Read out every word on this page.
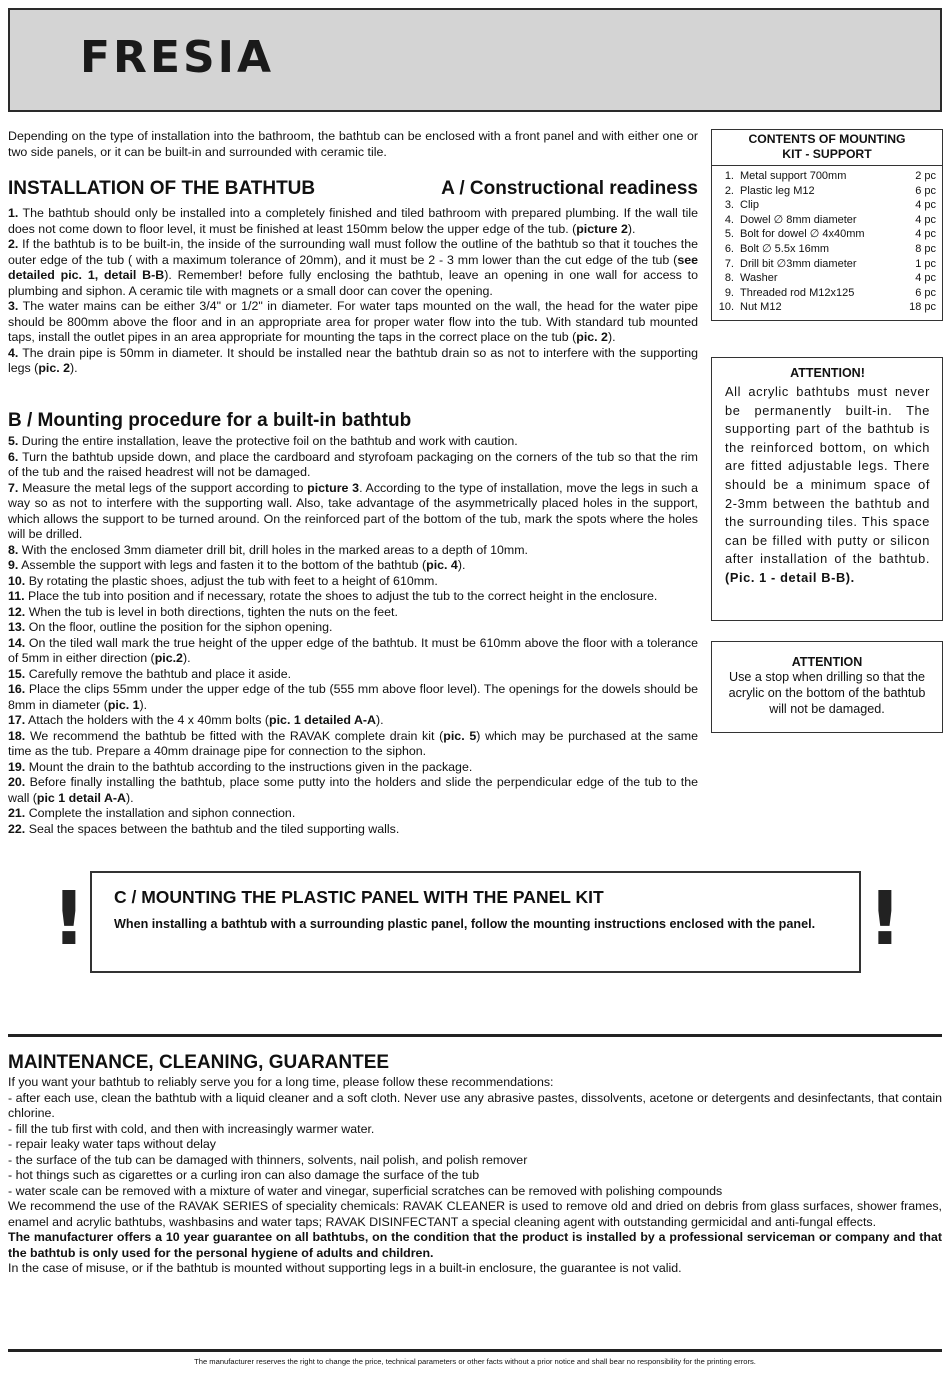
FRESIA
Depending on the type of installation into the bathroom, the bathtub can be enclosed with a front panel and with either one or two side panels, or it can be built-in and surrounded with ceramic tile.
INSTALLATION OF THE BATHTUB	A / Constructional readiness

1. The bathtub should only be installed into a completely finished and tiled bathroom with prepared plumbing. If the wall tile does not come down to floor level, it must be finished at least 150mm below the upper edge of the tub. (picture 2).

2. If the bathtub is to be built-in, the inside of the surrounding wall must follow the outline of the bathtub so that it touches the outer edge of the tub ( with a maximum tolerance of 20mm), and it must be 2 - 3 mm lower than the cut edge of the tub (see detailed pic. 1, detail B-B). Remember! before fully enclosing the bathtub, leave an opening in one wall for access to plumbing and siphon. A ceramic tile with magnets or a small door can cover the opening.

3. The water mains can be either 3/4" or 1/2" in diameter. For water taps mounted on the wall, the head for the water pipe should be 800mm above the floor and in an appropriate area for proper water flow into the tub. With standard tub mounted taps, install the outlet pipes in an area appropriate for mounting the taps in the correct place on the tub (pic. 2).

4. The drain pipe is 50mm in diameter. It should be installed near the bathtub drain so as not to interfere with the supporting legs (pic. 2).

B / Mounting procedure for a built-in bathtub

5. During the entire installation, leave the protective foil on the bathtub and work with caution.

6. Turn the bathtub upside down, and place the cardboard and styrofoam packaging on the corners of the tub so that the rim of the tub and the raised headrest will not be damaged.

7. Measure the metal legs of the support according to picture 3. According to the type of installation, move the legs in such a way so as not to interfere with the supporting wall. Also, take advantage of the asymmetrically placed holes in the support, which allows the support to be turned around. On the reinforced part of the bottom of the tub, mark the spots where the holes will be drilled.

8. With the enclosed 3mm diameter drill bit, drill holes in the marked areas to a depth of 10mm.

9. Assemble the support with legs and fasten it to the bottom of the bathtub (pic. 4).

10. By rotating the plastic shoes, adjust the tub with feet to a height of 610mm.

11. Place the tub into position and if necessary, rotate the shoes to adjust the tub to the correct height in the enclosure.

12. When the tub is level in both directions, tighten the nuts on the feet.

13. On the floor, outline the position for the siphon opening.

14. On the tiled wall mark the true height of the upper edge of the bathtub. It must be 610mm above the floor with a tolerance of 5mm in either direction (pic.2).

15. Carefully remove the bathtub and place it aside.

16. Place the clips 55mm under the upper edge of the tub (555 mm above floor level). The openings for the dowels should be 8mm in diameter (pic. 1).

17. Attach the holders with the 4 x 40mm bolts (pic. 1 detailed A-A).

18. We recommend the bathtub be fitted with the RAVAK complete drain kit (pic. 5) which may be purchased at the same time as the tub. Prepare a 40mm drainage pipe for connection to the siphon.

19. Mount the drain to the bathtub according to the instructions given in the package.

20. Before finally installing the bathtub, place some putty into the holders and slide the perpendicular edge of the tub to the wall (pic 1 detail A-A).

21. Complete the installation and siphon connection.

22. Seal the spaces between the bathtub and the tiled supporting walls.

CONTENTS OF MOUNTING
KIT - SUPPORT
1. Metal support 700mm	2 pc
2. Plastic leg M12	6 pc
3. Clip	4 pc
4. Dowel ∅ 8mm diameter	4 pc
5. Bolt for dowel ∅ 4x40mm	4 pc
6. Bolt ∅ 5.5x 16mm	8 pc
7. Drill bit ∅3mm diameter	1 pc
8. Washer	4 pc
9. Threaded rod M12x125	6 pc
10. Nut M12	18 pc
ATTENTION!
All acrylic bathtubs must never be permanently built-in. The supporting part of the bathtub is the reinforced bottom, on which are fitted adjustable legs. There should be a minimum space of 2-3mm between the bathtub and the surrounding tiles. This space can be filled with putty or silicon after installation of the bathtub. (Pic. 1 - detail B-B).
ATTENTION
Use a stop when drilling so that the acrylic on the bottom of the bathtub will not be damaged.
! C / MOUNTING THE PLASTIC PANEL WITH THE PANEL KIT
When installing a bathtub with a surrounding plastic panel, follow the mounting instructions enclosed with the panel. !
MAINTENANCE, CLEANING, GUARANTEE

If you want your bathtub to reliably serve you for a long time, please follow these recommendations:

- after each use, clean the bathtub with a liquid cleaner and a soft cloth. Never use any abrasive pastes, dissolvents, acetone or detergents and desinfectants, that contain chlorine.

- fill the tub first with cold, and then with increasingly warmer water.

- repair leaky water taps without delay

- the surface of the tub can be damaged with thinners, solvents, nail polish, and polish remover

- hot things such as cigarettes or a curling iron can also damage the surface of the tub

- water scale can be removed with a mixture of water and vinegar, superficial scratches can be removed with polishing compounds

We recommend the use of the RAVAK SERIES of speciality chemicals: RAVAK CLEANER is used to remove old and dried on debris from glass surfaces, shower frames, enamel and acrylic bathtubs, washbasins and water taps; RAVAK DISINFECTANT a special cleaning agent with outstanding germicidal and anti-fungal effects.

The manufacturer offers a 10 year guarantee on all bathtubs, on the condition that the product is installed by a professional serviceman or company and that the bathtub is only used for the personal hygiene of adults and children.

In the case of misuse, or if the bathtub is mounted without supporting legs in a built-in enclosure, the guarantee is not valid.

The manufacturer reserves the right to change the price, technical parameters or other facts without a prior notice and shall bear no responsibility for the printing errors.
